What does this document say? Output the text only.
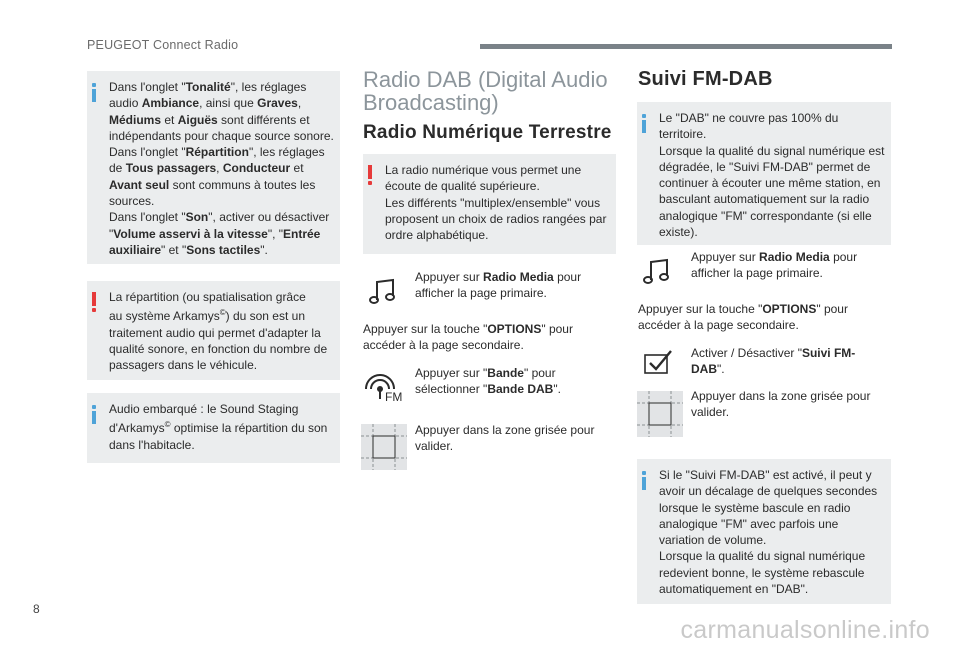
PEUGEOT Connect Radio
Dans l'onglet "Tonalité", les réglages
audio Ambiance, ainsi que Graves,
Médiums et Aiguës sont différents et
indépendants pour chaque source sonore.
Dans l'onglet "Répartition", les réglages
de Tous passagers, Conducteur et
Avant seul sont communs à toutes les
sources.
Dans l'onglet "Son", activer ou désactiver
"Volume asservi à la vitesse", "Entrée
auxiliaire" et "Sons tactiles".
La répartition (ou spatialisation grâce
au système Arkamys©) du son est un
traitement audio qui permet d'adapter la
qualité sonore, en fonction du nombre de
passagers dans le véhicule.
Audio embarqué : le Sound Staging
d'Arkamys© optimise la répartition du son
dans l'habitacle.
Radio DAB (Digital Audio
Broadcasting)
Radio Numérique Terrestre
La radio numérique vous permet une
écoute de qualité supérieure.
Les différents "multiplex/ensemble" vous
proposent un choix de radios rangées par
ordre alphabétique.
Appuyer sur Radio Media pour
afficher la page primaire.
Appuyer sur la touche "OPTIONS" pour
accéder à la page secondaire.
FM
Appuyer sur "Bande" pour
sélectionner "Bande DAB".
Appuyer dans la zone grisée pour
valider.
Suivi FM-DAB
Le "DAB" ne couvre pas 100% du
territoire.
Lorsque la qualité du signal numérique est
dégradée, le "Suivi FM-DAB" permet de
continuer à écouter une même station, en
basculant automatiquement sur la radio
analogique "FM" correspondante (si elle
existe).
Appuyer sur Radio Media pour
afficher la page primaire.
Appuyer sur la touche "OPTIONS" pour
accéder à la page secondaire.
Activer / Désactiver "Suivi FM-
DAB".
Appuyer dans la zone grisée pour
valider.
Si le "Suivi FM-DAB" est activé, il peut y
avoir un décalage de quelques secondes
lorsque le système bascule en radio
analogique "FM" avec parfois une
variation de volume.
Lorsque la qualité du signal numérique
redevient bonne, le système rebascule
automatiquement en "DAB".
8
carmanualsonline.info
